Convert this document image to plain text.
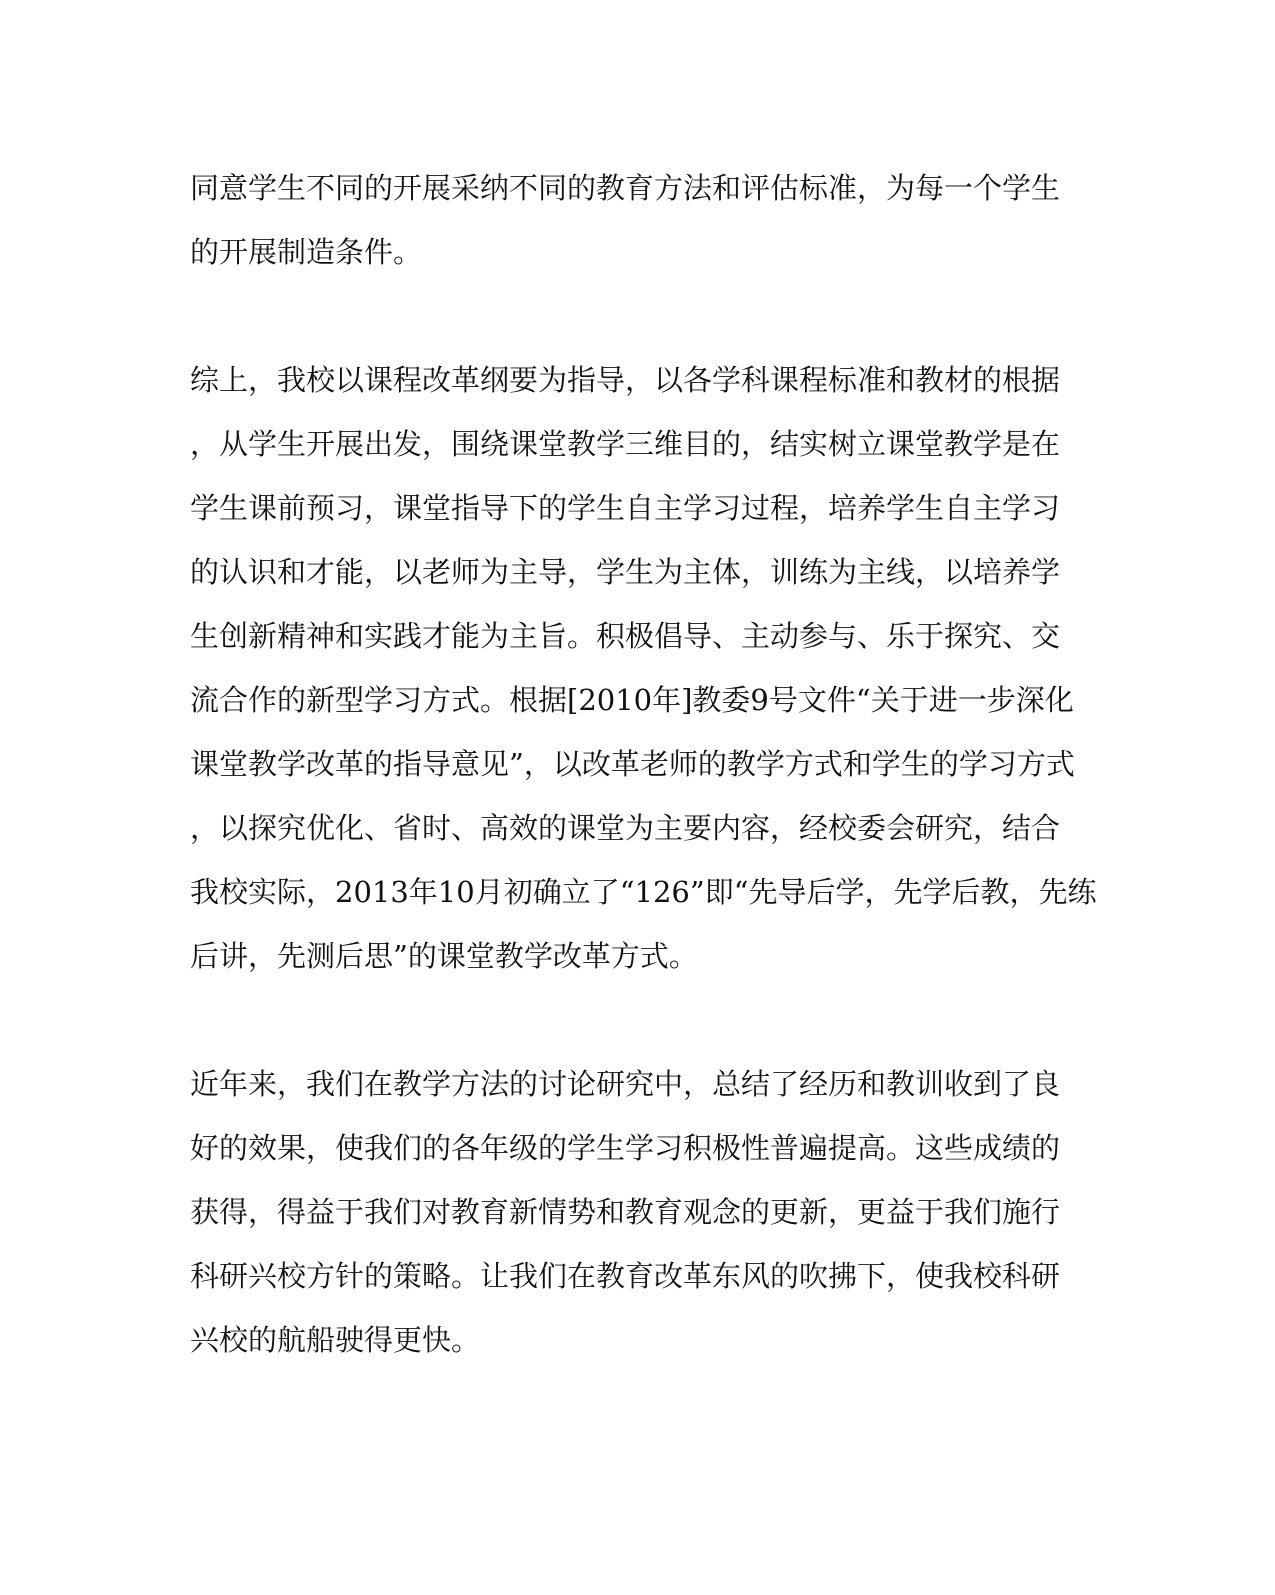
同意学生不同的开展采纳不同的教育方法和评估标准，为每一个学生

的开展制造条件。

综上，我校以课程改革纲要为指导，以各学科课程标准和教材的根据

，从学生开展出发，围绕课堂教学三维目的，结实树立课堂教学是在

学生课前预习，课堂指导下的学生自主学习过程，培养学生自主学习

的认识和才能，以老师为主导，学生为主体，训练为主线，以培养学

生创新精神和实践才能为主旨。积极倡导、主动参与、乐于探究、交

流合作的新型学习方式。根据[2010年]教委9号文件“关于进一步深化

课堂教学改革的指导意见”，以改革老师的教学方式和学生的学习方式

，以探究优化、省时、高效的课堂为主要内容，经校委会研究，结合

我校实际，2013年10月初确立了“126”即“先导后学，先学后教，先练

后讲，先测后思”的课堂教学改革方式。

近年来，我们在教学方法的讨论研究中，总结了经历和教训收到了良

好的效果，使我们的各年级的学生学习积极性普遍提高。这些成绩的

获得，得益于我们对教育新情势和教育观念的更新，更益于我们施行

科研兴校方针的策略。让我们在教育改革东风的吹拂下，使我校科研

兴校的航船驶得更快。
